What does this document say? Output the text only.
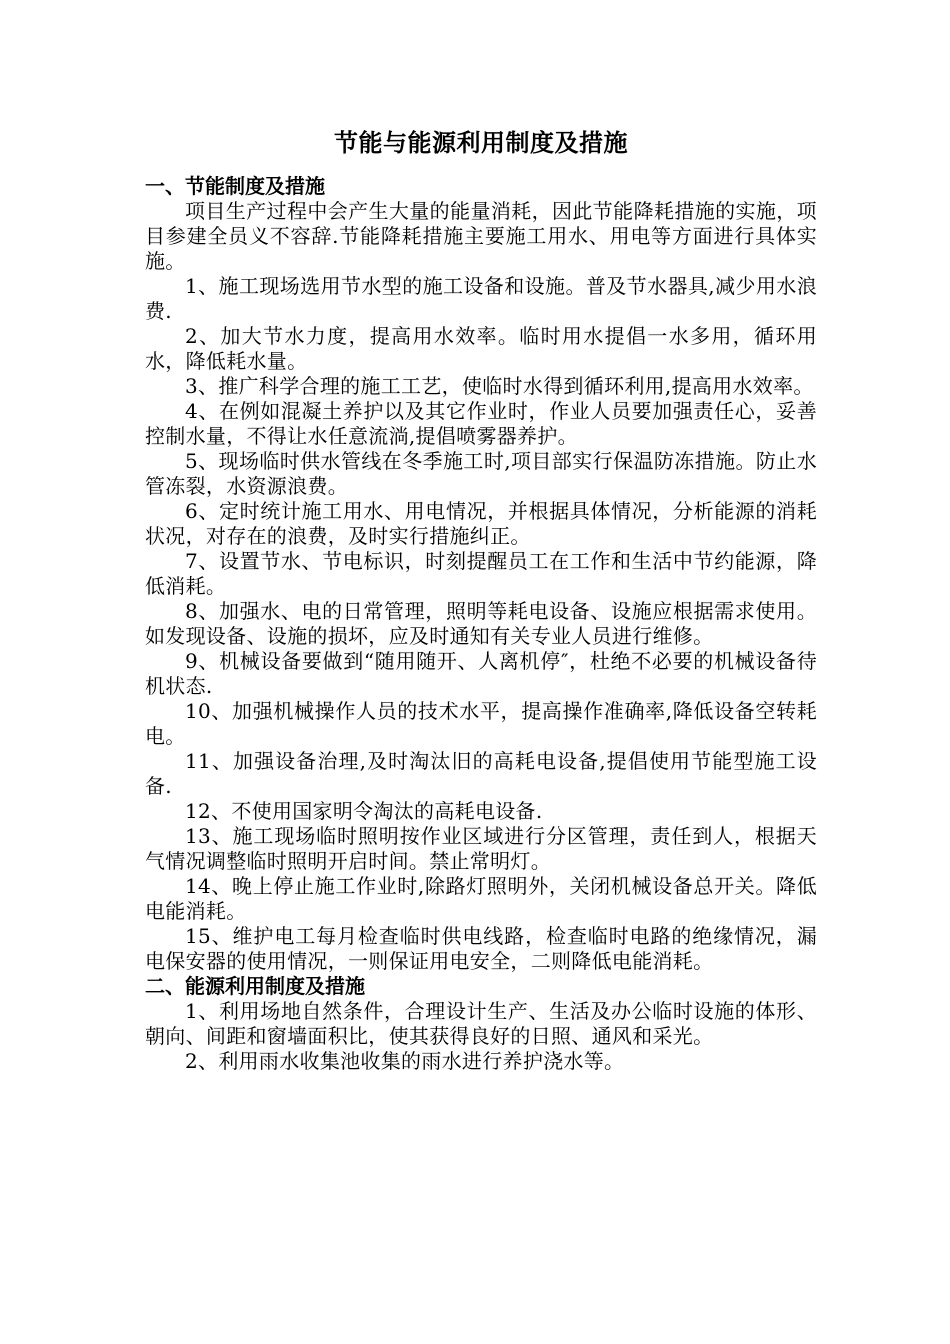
节能与能源利用制度及措施
一、节能制度及措施

项目生产过程中会产生大量的能量消耗，因此节能降耗措施的实施，项目参建全员义不容辞.节能降耗措施主要施工用水、用电等方面进行具体实施。

1、施工现场选用节水型的施工设备和设施。普及节水器具,减少用水浪费.

2、加大节水力度，提高用水效率。临时用水提倡一水多用，循环用水，降低耗水量。

3、推广科学合理的施工工艺，使临时水得到循环利用,提高用水效率。

4、在例如混凝土养护以及其它作业时，作业人员要加强责任心，妥善控制水量，不得让水任意流淌,提倡喷雾器养护。

5、现场临时供水管线在冬季施工时,项目部实行保温防冻措施。防止水管冻裂，水资源浪费。

6、定时统计施工用水、用电情况，并根据具体情况，分析能源的消耗状况，对存在的浪费，及时实行措施纠正。

7、设置节水、节电标识，时刻提醒员工在工作和生活中节约能源，降低消耗。

8、加强水、电的日常管理，照明等耗电设备、设施应根据需求使用。如发现设备、设施的损坏，应及时通知有关专业人员进行维修。

9、机械设备要做到“随用随开、人离机停″，杜绝不必要的机械设备待机状态.

10、加强机械操作人员的技术水平，提高操作准确率,降低设备空转耗电。

11、加强设备治理,及时淘汰旧的高耗电设备,提倡使用节能型施工设备.

12、不使用国家明令淘汰的高耗电设备.

13、施工现场临时照明按作业区域进行分区管理，责任到人，根据天气情况调整临时照明开启时间。禁止常明灯。

14、晚上停止施工作业时,除路灯照明外，关闭机械设备总开关。降低电能消耗。

15、维护电工每月检查临时供电线路，检查临时电路的绝缘情况，漏电保安器的使用情况，一则保证用电安全，二则降低电能消耗。

二、能源利用制度及措施

1、利用场地自然条件，合理设计生产、生活及办公临时设施的体形、朝向、间距和窗墙面积比，使其获得良好的日照、通风和采光。

2、利用雨水收集池收集的雨水进行养护浇水等。
